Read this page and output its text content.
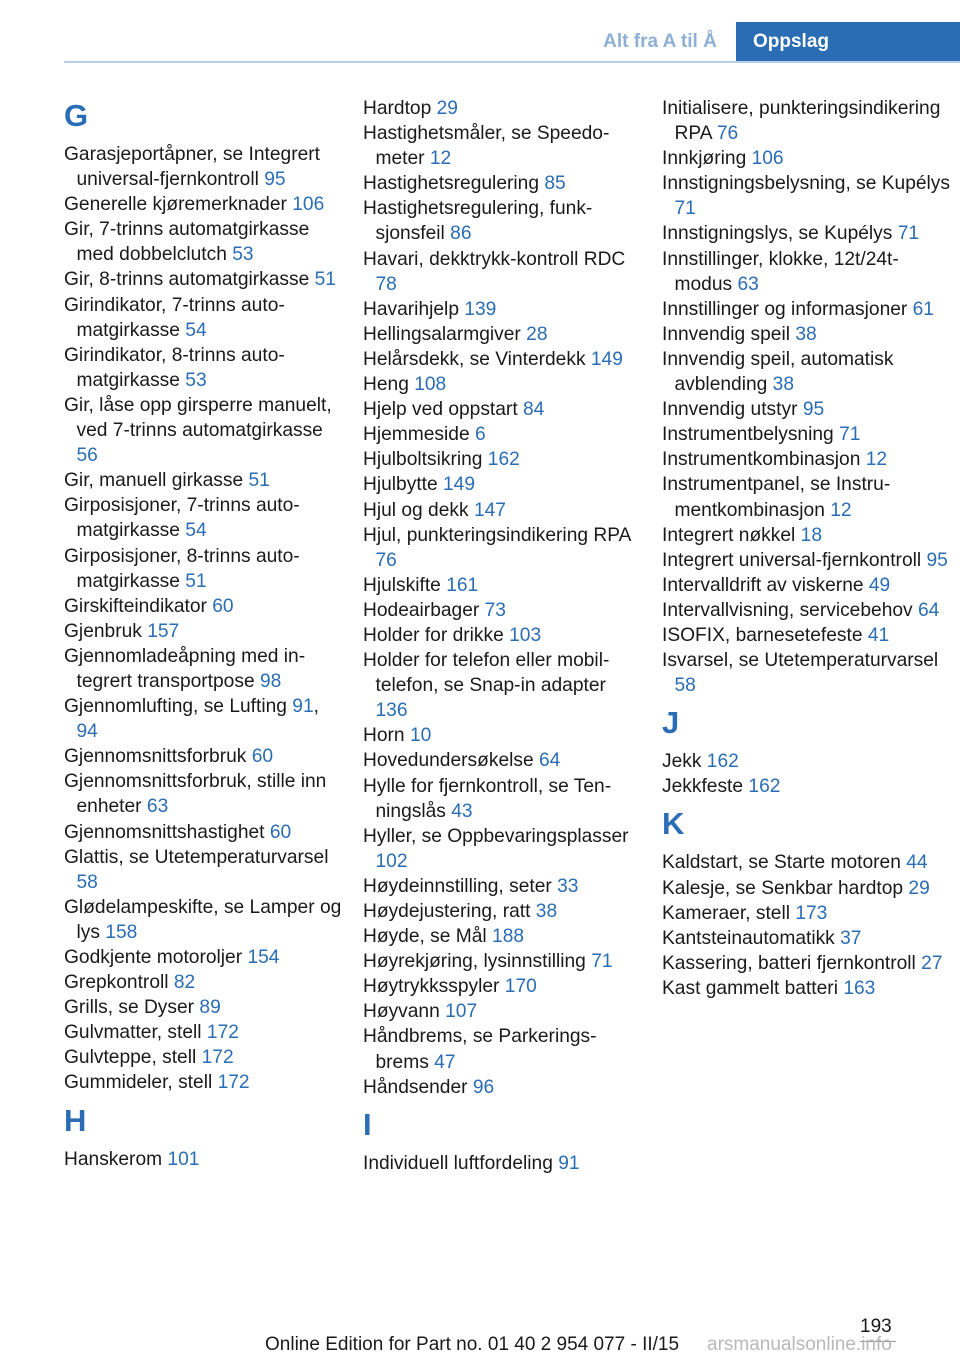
Alt fra A til Å	Oppslag
G
Garasjeportåpner, se Integrert universal-fjernkontroll 95
Generelle kjøremerknader 106
Gir, 7-trinns automatgirkasse med dobbelclutch 53
Gir, 8-trinns automatgirkasse 51
Girindikator, 7-trinns automatgirkasse 54
Girindikator, 8-trinns automatgirkasse 53
Gir, låse opp girsperre manuelt, ved 7-trinns automatgirkasse 56
Gir, manuell girkasse 51
Girposisjoner, 7-trinns automatgirkasse 54
Girposisjoner, 8-trinns automatgirkasse 51
Girskifteindikator 60
Gjenbruk 157
Gjennomladeåpning med integrert transportpose 98
Gjennomlufting, se Lufting 91, 94
Gjennomsnittsforbruk 60
Gjennomsnittsforbruk, stille inn enheter 63
Gjennomsnittshastighet 60
Glattis, se Utetemperaturvarsel 58
Glødelampeskifte, se Lamper og lys 158
Godkjente motoroljer 154
Grepkontroll 82
Grills, se Dyser 89
Gulvmatter, stell 172
Gulvteppe, stell 172
Gummideler, stell 172
H
Hanskerom 101
Hardtop 29
Hastighetsmåler, se Speedometer 12
Hastighetsregulering 85
Hastighetsregulering, funksjonsfeil 86
Havari, dekktrykk-kontroll RDC 78
Havarihjelp 139
Hellingsalarmgiver 28
Helårsdekk, se Vinterdekk 149
Heng 108
Hjelp ved oppstart 84
Hjemmeside 6
Hjulboltsikring 162
Hjulbytte 149
Hjul og dekk 147
Hjul, punkteringsindikering RPA 76
Hjulskifte 161
Hodeairbager 73
Holder for drikke 103
Holder for telefon eller mobiltelefon, se Snap-in adapter 136
Horn 10
Hovedundersøkelse 64
Hylle for fjernkontroll, se Tenningslås 43
Hyller, se Oppbevaringsplasser 102
Høydeinnstilling, seter 33
Høydejustering, ratt 38
Høyde, se Mål 188
Høyrekjøring, lysinnstilling 71
Høytrykksspyler 170
Høyvann 107
Håndbrems, se Parkeringsbrems 47
Håndsender 96
I
Individuell luftfordeling 91
Initialisere, punkteringsindikering RPA 76
Innkjøring 106
Innstigningsbelysning, se Kupélys 71
Innstigningslys, se Kupélys 71
Innstillinger, klokke, 12t/24t-modus 63
Innstillinger og informasjoner 61
Innvendig speil 38
Innvendig speil, automatisk avblending 38
Innvendig utstyr 95
Instrumentbelysning 71
Instrumentkombinasjon 12
Instrumentpanel, se Instrumentkombinasjon 12
Integrert nøkkel 18
Integrert universal-fjernkontroll 95
Intervalldrift av viskerne 49
Intervallvisning, servicebehov 64
ISOFIX, barnesetefeste 41
Isvarsel, se Utetemperaturvarsel 58
J
Jekk 162
Jekkfeste 162
K
Kaldstart, se Starte motoren 44
Kalesje, se Senkbar hardtop 29
Kameraer, stell 173
Kantsteinautomatikk 37
Kassering, batteri fjernkontroll 27
Kast gammelt batteri 163
193
Online Edition for Part no. 01 40 2 954 077 - II/15 arsmanualsonline.info
